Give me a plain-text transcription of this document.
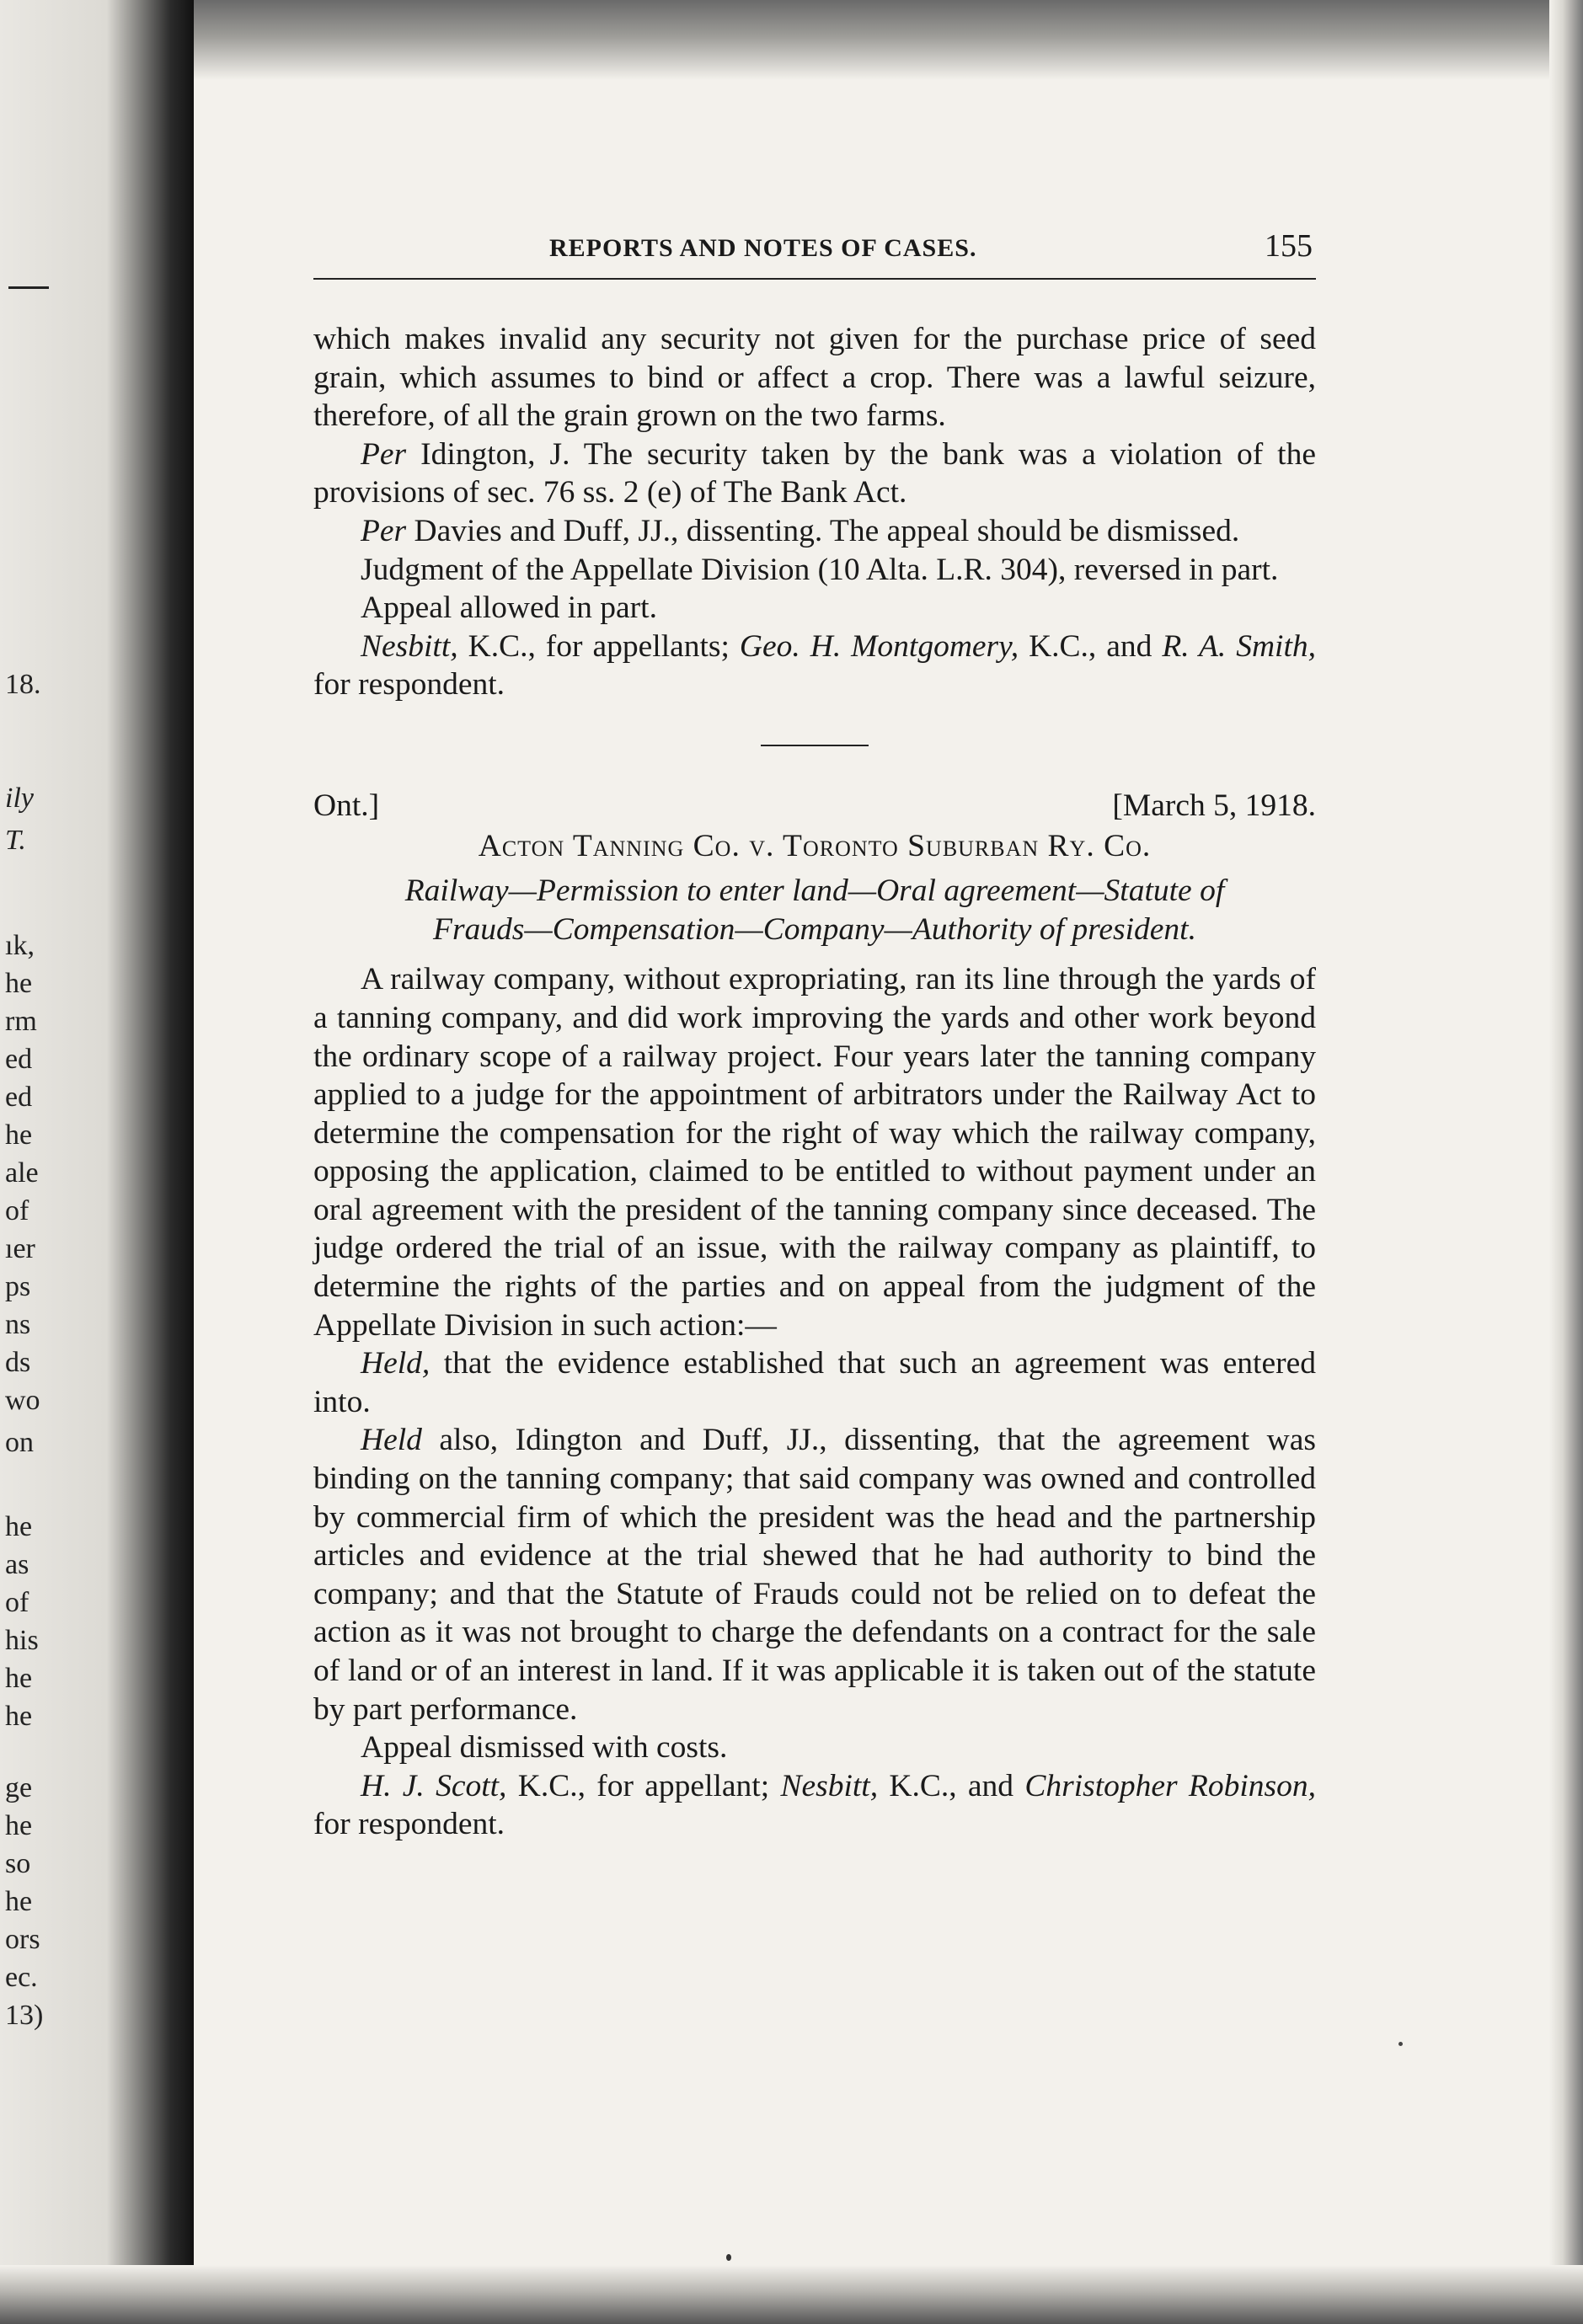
18.
ily
T.
ık,
he
rm
ed
ed
he
ale
of
ıer
ps
ns
ds
wo
on
he
as
of
his
he
he
ge
he
so
he
ors
ec.
13)
REPORTS AND NOTES OF CASES.	155

which makes invalid any security not given for the purchase price of seed grain, which assumes to bind or affect a crop. There was a lawful seizure, therefore, of all the grain grown on the two farms.

Per Idington, J. The security taken by the bank was a violation of the provisions of sec. 76 ss. 2 (e) of The Bank Act.

Per Davies and Duff, JJ., dissenting. The appeal should be dismissed.

Judgment of the Appellate Division (10 Alta. L.R. 304), reversed in part.

Appeal allowed in part.

Nesbitt, K.C., for appellants; Geo. H. Montgomery, K.C., and R. A. Smith, for respondent.

Ont.]	[March 5, 1918.
Acton Tanning Co. v. Toronto Suburban Ry. Co.
Railway—Permission to enter land—Oral agreement—Statute of
Frauds—Compensation—Company—Authority of president.

A railway company, without expropriating, ran its line through the yards of a tanning company, and did work improving the yards and other work beyond the ordinary scope of a railway project. Four years later the tanning company applied to a judge for the appointment of arbitrators under the Railway Act to determine the compensation for the right of way which the railway company, opposing the application, claimed to be entitled to without payment under an oral agreement with the president of the tanning company since deceased. The judge ordered the trial of an issue, with the railway company as plaintiff, to determine the rights of the parties and on appeal from the judgment of the Appellate Division in such action:—

Held, that the evidence established that such an agreement was entered into.

Held also, Idington and Duff, JJ., dissenting, that the agreement was binding on the tanning company; that said company was owned and controlled by commercial firm of which the president was the head and the partnership articles and evidence at the trial shewed that he had authority to bind the company; and that the Statute of Frauds could not be relied on to defeat the action as it was not brought to charge the defendants on a contract for the sale of land or of an interest in land. If it was applicable it is taken out of the statute by part performance.

Appeal dismissed with costs.

H. J. Scott, K.C., for appellant; Nesbitt, K.C., and Christopher Robinson, for respondent.
